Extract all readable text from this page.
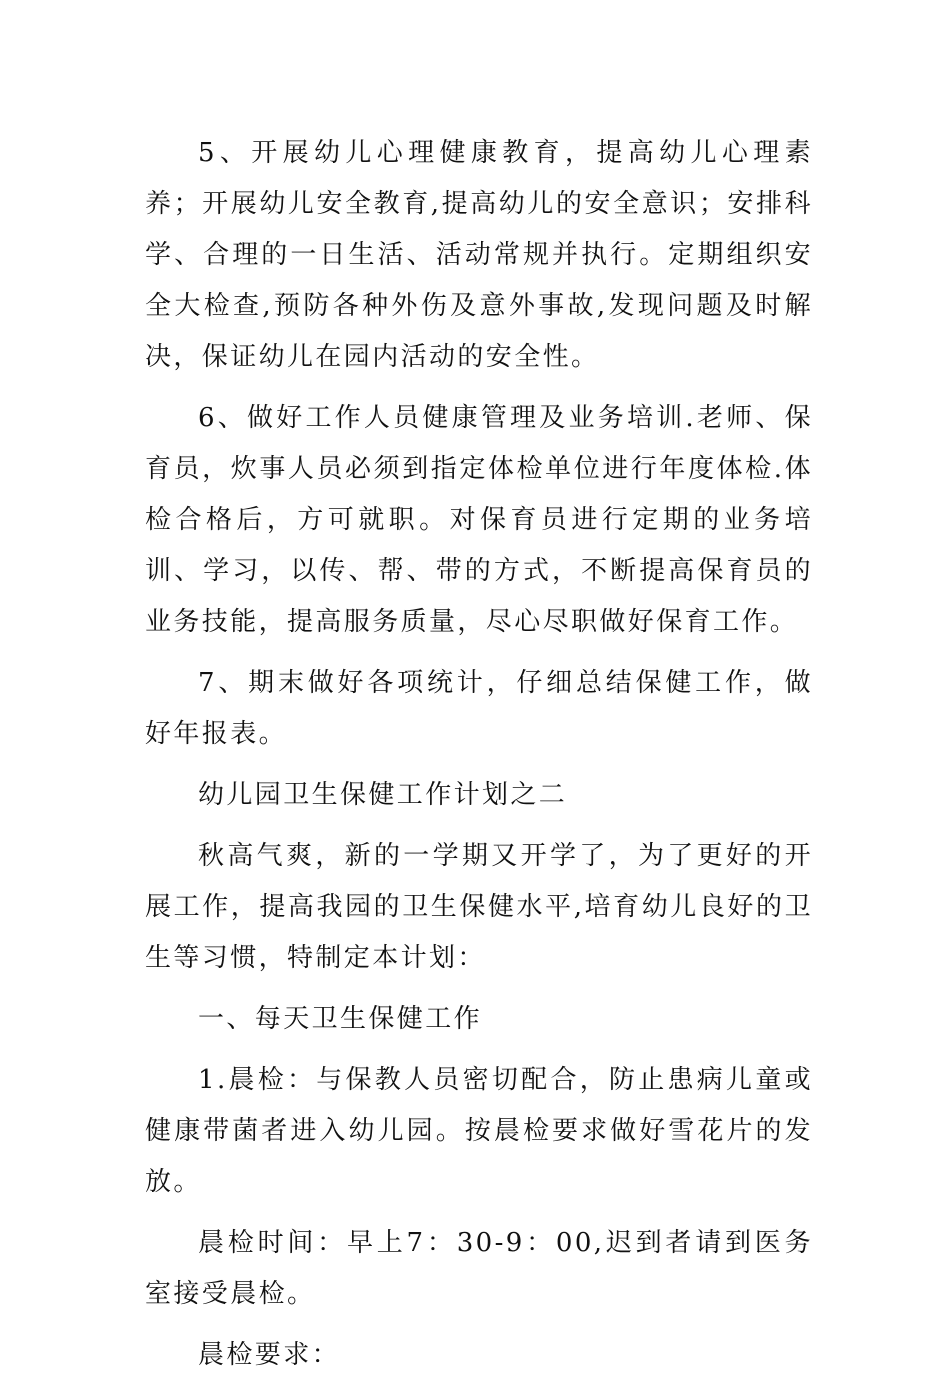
5、开展幼儿心理健康教育，提高幼儿心理素养；开展幼儿安全教育,提高幼儿的安全意识；安排科学、合理的一日生活、活动常规并执行。定期组织安全大检查,预防各种外伤及意外事故,发现问题及时解决，保证幼儿在园内活动的安全性。

6、做好工作人员健康管理及业务培训.老师、保育员，炊事人员必须到指定体检单位进行年度体检.体检合格后，方可就职。对保育员进行定期的业务培训、学习，以传、帮、带的方式，不断提高保育员的业务技能，提高服务质量，尽心尽职做好保育工作。

7、期末做好各项统计，仔细总结保健工作，做好年报表。

幼儿园卫生保健工作计划之二

秋高气爽，新的一学期又开学了，为了更好的开展工作，提高我园的卫生保健水平,培育幼儿良好的卫生等习惯，特制定本计划：

一、每天卫生保健工作

1.晨检：与保教人员密切配合，防止患病儿童或健康带菌者进入幼儿园。按晨检要求做好雪花片的发放。

晨检时间：早上7：30-9：00,迟到者请到医务室接受晨检。

晨检要求：
